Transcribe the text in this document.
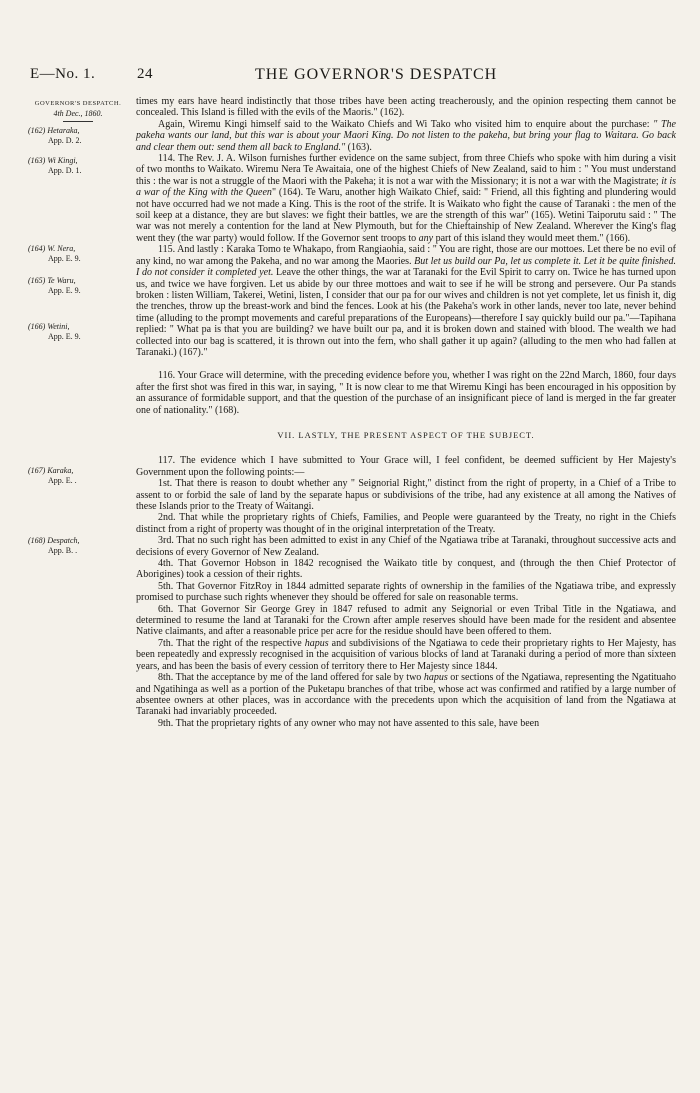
E—No. 1.	24	THE GOVERNOR'S DESPATCH
GOVERNOR'S DESPATCH.
4th Dec., 1860.
(162) Hetaraka,
App. D. 2.
(163) Wi Kingi,
App. D. 1.
(164) W. Nera,
App. E. 9.
(165) Te Waru,
App. E. 9.
(166) Wetini,
App. E. 9.
(167) Karaka,
App. E. .
(168) Despatch,
App. B. .

times my ears have heard indistinctly that those tribes have been acting treacherously, and the opinion respecting them cannot be concealed. This Island is filled with the evils of the Maoris." (162).

Again, Wiremu Kingi himself said to the Waikato Chiefs and Wi Tako who visited him to enquire about the purchase: " The pakeha wants our land, but this war is about your Maori King. Do not listen to the pakeha, but bring your flag to Waitara. Go back and clear them out: send them all back to England." (163).

114. The Rev. J. A. Wilson furnishes further evidence on the same subject, from three Chiefs who spoke with him during a visit of two months to Waikato. Wiremu Nera Te Awaitaia, one of the highest Chiefs of New Zealand, said to him : " You must understand this : the war is not a struggle of the Maori with the Pakeha; it is not a war with the Missionary; it is not a war with the Magistrate; it is a war of the King with the Queen" (164). Te Waru, another high Waikato Chief, said: " Friend, all this fighting and plundering would not have occurred had we not made a King. This is the root of the strife. It is Waikato who fight the cause of Taranaki : the men of the soil keep at a distance, they are but slaves: we fight their battles, we are the strength of this war" (165). Wetini Taiporutu said : " The war was not merely a contention for the land at New Plymouth, but for the Chieftainship of New Zealand. Wherever the King's flag went they (the war party) would follow. If the Governor sent troops to any part of this island they would meet them." (166).

115. And lastly : Karaka Tomo te Whakapo, from Rangiaohia, said : " You are right, those are our mottoes. Let there be no evil of any kind, no war among the Pakeha, and no war among the Maories. But let us build our Pa, let us complete it. Let it be quite finished. I do not consider it completed yet. Leave the other things, the war at Taranaki for the Evil Spirit to carry on. Twice he has turned upon us, and twice we have forgiven. Let us abide by our three mottoes and wait to see if he will be strong and persevere. Our Pa stands broken : listen William, Takerei, Wetini, listen, I consider that our pa for our wives and children is not yet complete, let us finish it, dig the trenches, throw up the breast-work and bind the fences. Look at his (the Pakeha's work in other lands, never too late, never behind time (alluding to the prompt movements and careful preparations of the Europeans)—therefore I say quickly build our pa."—Tapihana replied: " What pa is that you are building? we have built our pa, and it is broken down and stained with blood. The wealth we had collected into our bag is scattered, it is thrown out into the fern, who shall gather it up again? (alluding to the men who had fallen at Taranaki.) (167)."

116. Your Grace will determine, with the preceding evidence before you, whether I was right on the 22nd March, 1860, four days after the first shot was fired in this war, in saying, " It is now clear to me that Wiremu Kingi has been encouraged in his opposition by an assurance of formidable support, and that the question of the purchase of an insignificant piece of land is merged in the far greater one of nationality." (168).

VII. LASTLY, THE PRESENT ASPECT OF THE SUBJECT.

117. The evidence which I have submitted to Your Grace will, I feel confident, be deemed sufficient by Her Majesty's Government upon the following points:—

1st. That there is reason to doubt whether any " Seignorial Right," distinct from the right of property, in a Chief of a Tribe to assent to or forbid the sale of land by the separate hapus or subdivisions of the tribe, had any existence at all among the Natives of these Islands prior to the Treaty of Waitangi.

2nd. That while the proprietary rights of Chiefs, Families, and People were guaranteed by the Treaty, no right in the Chiefs distinct from a right of property was thought of in the original interpretation of the Treaty.

3rd. That no such right has been admitted to exist in any Chief of the Ngatiawa tribe at Taranaki, throughout successive acts and decisions of every Governor of New Zealand.

4th. That Governor Hobson in 1842 recognised the Waikato title by conquest, and (through the then Chief Protector of Aborigines) took a cession of their rights.

5th. That Governor FitzRoy in 1844 admitted separate rights of ownership in the families of the Ngatiawa tribe, and expressly promised to purchase such rights whenever they should be offered for sale on reasonable terms.

6th. That Governor Sir George Grey in 1847 refused to admit any Seignorial or even Tribal Title in the Ngatiawa, and determined to resume the land at Taranaki for the Crown after ample reserves should have been made for the resident and absentee Native claimants, and after a reasonable price per acre for the residue should have been offered to them.

7th. That the right of the respective hapus and subdivisions of the Ngatiawa to cede their proprietary rights to Her Majesty, has been repeatedly and expressly recognised in the acquisition of various blocks of land at Taranaki during a period of more than sixteen years, and has been the basis of every cession of territory there to Her Majesty since 1844.

8th. That the acceptance by me of the land offered for sale by two hapus or sections of the Ngatiawa, representing the Ngatituaho and Ngatihinga as well as a portion of the Puketapu branches of that tribe, whose act was confirmed and ratified by a large number of absentee owners at other places, was in accordance with the precedents upon which the acquisition of land from the Ngatiawa at Taranaki had invariably proceeded.

9th. That the proprietary rights of any owner who may not have assented to this sale, have been
